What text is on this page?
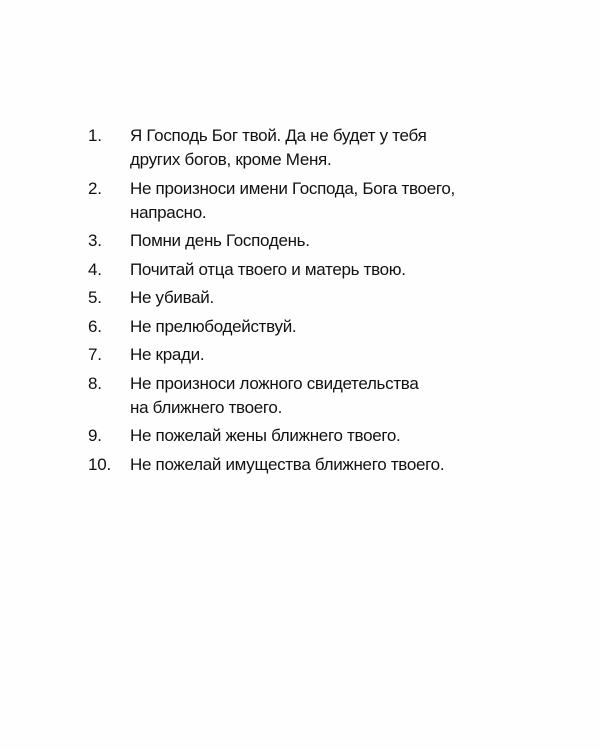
1.	Я Господь Бог твой. Да не будет у тебя
других богов, кроме Меня.
2.	Не произноси имени Господа, Бога твоего,
напрасно.
3.	Помни день Господень.
4.	Почитай отца твоего и матерь твою.
5.	Не убивай.
6.	Не прелюбодействуй.
7.	Не кради.
8.	Не произноси ложного свидетельства
на ближнего твоего.
9.	Не пожелай жены ближнего твоего.
10.	Не пожелай имущества ближнего твоего.
